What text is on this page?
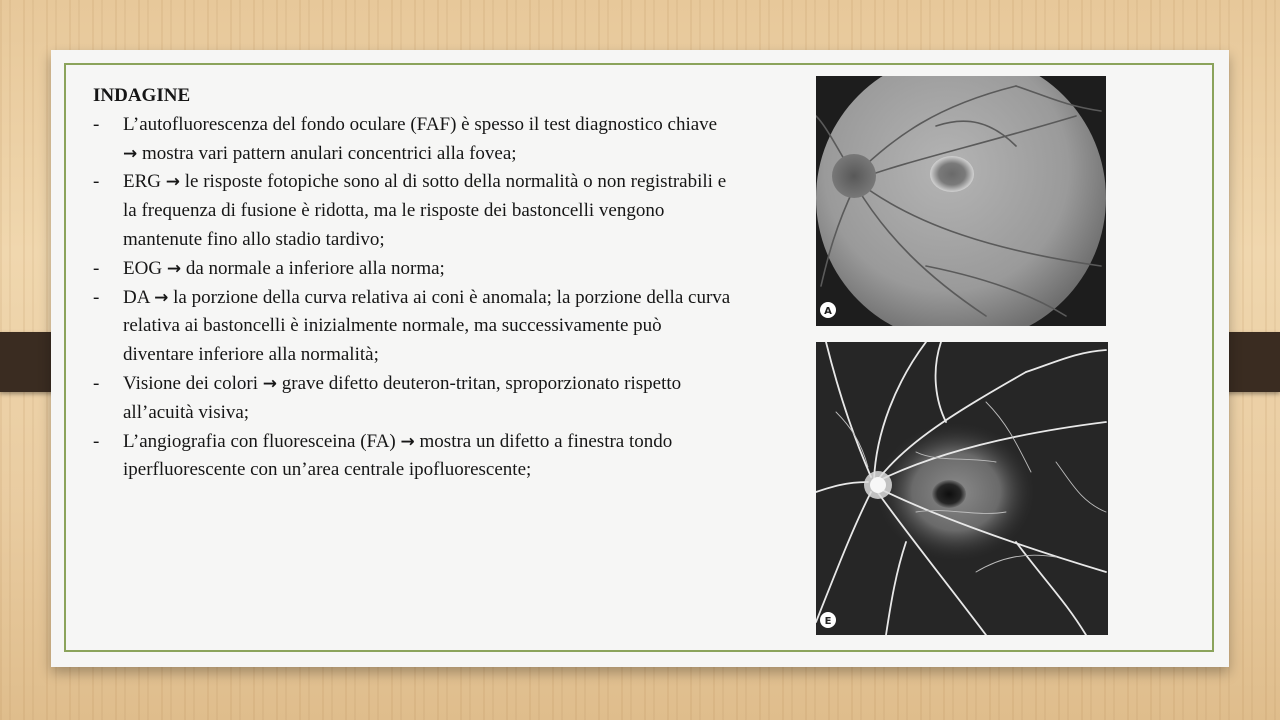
INDAGINE
- L’autofluorescenza del fondo oculare (FAF) è spesso il test diagnostico chiave → mostra vari pattern anulari concentrici alla fovea;
- ERG → le risposte fotopiche sono al di sotto della normalità o non registrabili e la frequenza di fusione è ridotta, ma le risposte dei bastoncelli vengono mantenute fino allo stadio tardivo;
- EOG → da normale a inferiore alla norma;
- DA → la porzione della curva relativa ai coni è anomala; la porzione della curva relativa ai bastoncelli è inizialmente normale, ma successivamente può diventare inferiore alla normalità;
- Visione dei colori → grave difetto deuteron-tritan, sproporzionato rispetto all’acuità visiva;
- L’angiografia con fluoresceina (FA) → mostra un difetto a finestra tondo iperfluorescente con un’area centrale ipofluorescente;
A
E
